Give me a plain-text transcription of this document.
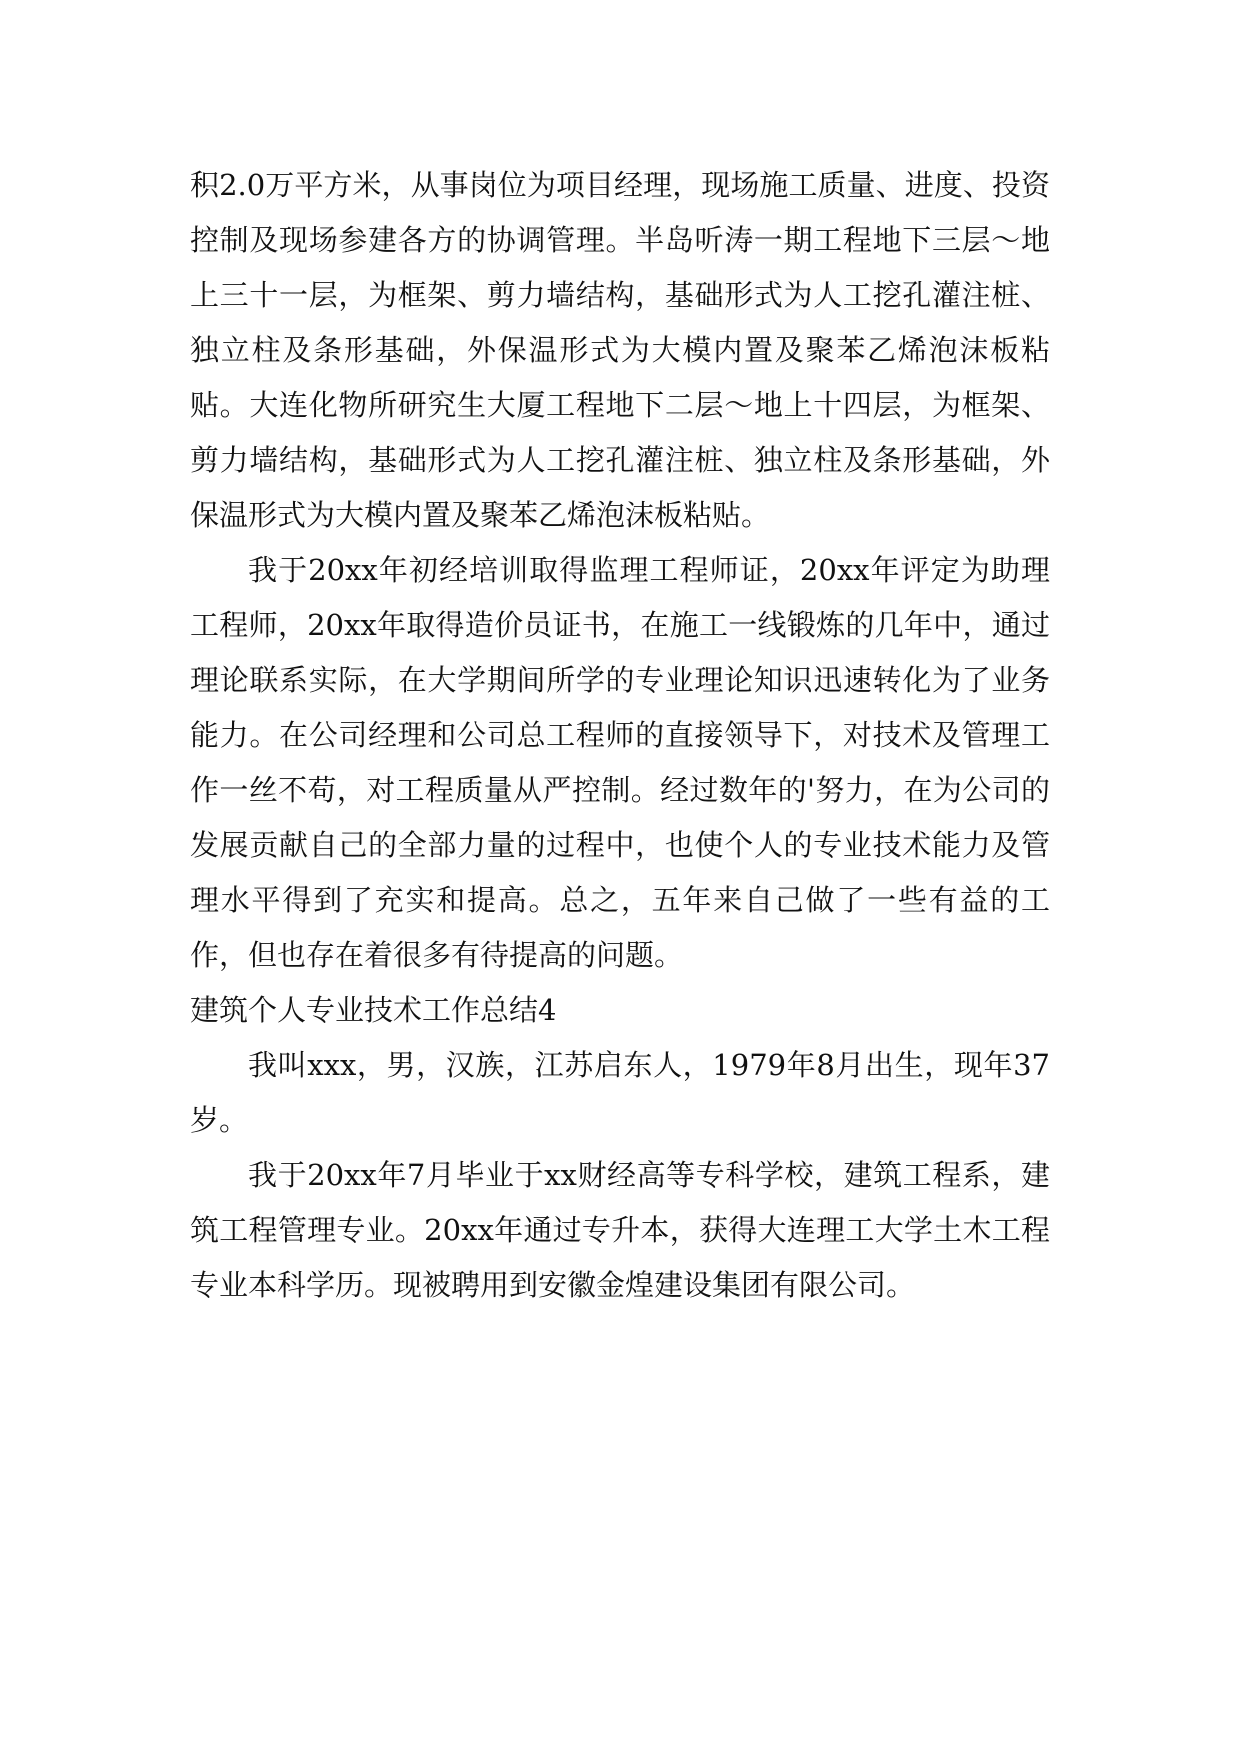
积2.0万平方米，从事岗位为项目经理，现场施工质量、进度、投资控制及现场参建各方的协调管理。半岛听涛一期工程地下三层～地上三十一层，为框架、剪力墙结构，基础形式为人工挖孔灌注桩、独立柱及条形基础，外保温形式为大模内置及聚苯乙烯泡沫板粘贴。大连化物所研究生大厦工程地下二层～地上十四层，为框架、剪力墙结构，基础形式为人工挖孔灌注桩、独立柱及条形基础，外保温形式为大模内置及聚苯乙烯泡沫板粘贴。

我于20xx年初经培训取得监理工程师证，20xx年评定为助理工程师，20xx年取得造价员证书，在施工一线锻炼的几年中，通过理论联系实际，在大学期间所学的专业理论知识迅速转化为了业务能力。在公司经理和公司总工程师的直接领导下，对技术及管理工作一丝不苟，对工程质量从严控制。经过数年的'努力，在为公司的发展贡献自己的全部力量的过程中，也使个人的专业技术能力及管理水平得到了充实和提高。总之，五年来自己做了一些有益的工作，但也存在着很多有待提高的问题。

建筑个人专业技术工作总结4

我叫xxx，男，汉族，江苏启东人，1979年8月出生，现年37岁。

我于20xx年7月毕业于xx财经高等专科学校，建筑工程系，建筑工程管理专业。20xx年通过专升本，获得大连理工大学土木工程专业本科学历。现被聘用到安徽金煌建设集团有限公司。
